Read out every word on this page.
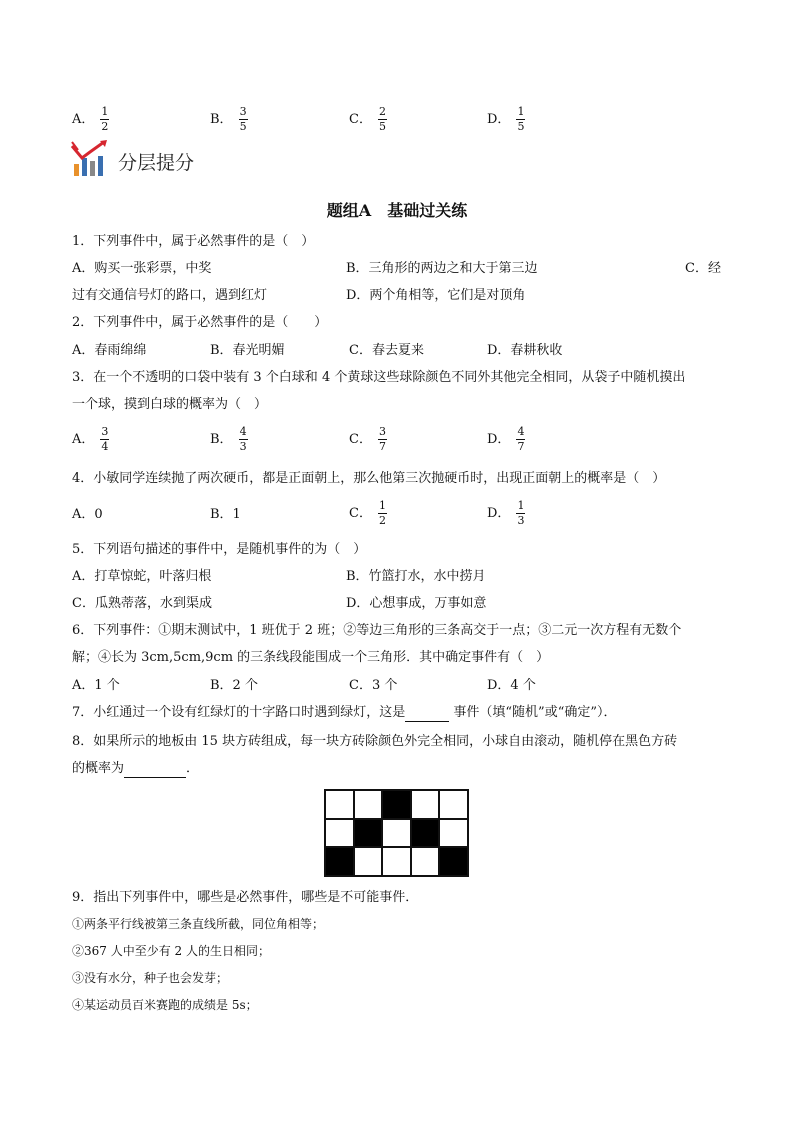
A． $\frac{1}{2}$	B． $\frac{3}{5}$	C． $\frac{2}{5}$	D． $\frac{1}{5}$
分层提分
题组A　基础过关练
1．下列事件中，属于必然事件的是（　）
A．购买一张彩票，中奖	B．三角形的两边之和大于第三边	C．经
过有交通信号灯的路口，遇到红灯	D．两个角相等，它们是对顶角
2．下列事件中，属于必然事件的是（　　）
A．春雨绵绵	B．春光明媚	C．春去夏来	D．春耕秋收
3．在一个不透明的口袋中装有 3 个白球和 4 个黄球这些球除颜色不同外其他完全相同，从袋子中随机摸出
一个球，摸到白球的概率为（　）
A． $\frac{3}{4}$	B． $\frac{4}{3}$	C． $\frac{3}{7}$	D． $\frac{4}{7}$
4．小敏同学连续抛了两次硬币，都是正面朝上，那么他第三次抛硬币时，出现正面朝上的概率是（　）
A．0	B．1	C． $\frac{1}{2}$	D． $\frac{1}{3}$
5．下列语句描述的事件中，是随机事件的为（　）
A．打草惊蛇，叶落归根	B．竹篮打水，水中捞月
C．瓜熟蒂落，水到渠成	D．心想事成，万事如意
6．下列事件：①期末测试中，1 班优于 2 班；②等边三角形的三条高交于一点；③二元一次方程有无数个
解；④长为 3cm,5cm,9cm 的三条线段能围成一个三角形．其中确定事件有（　）
A．1 个	B．2 个	C．3 个	D．4 个
7．小红通过一个设有红绿灯的十字路口时遇到绿灯，这是	事件（填“随机”或“确定”）．
8．如果所示的地板由 15 块方砖组成，每一块方砖除颜色外完全相同，小球自由滚动，随机停在黑色方砖
的概率为	．
9．指出下列事件中，哪些是必然事件，哪些是不可能事件．
①两条平行线被第三条直线所截，同位角相等；
②367 人中至少有 2 人的生日相同；
③没有水分，种子也会发芽；
④某运动员百米赛跑的成绩是 5s；
